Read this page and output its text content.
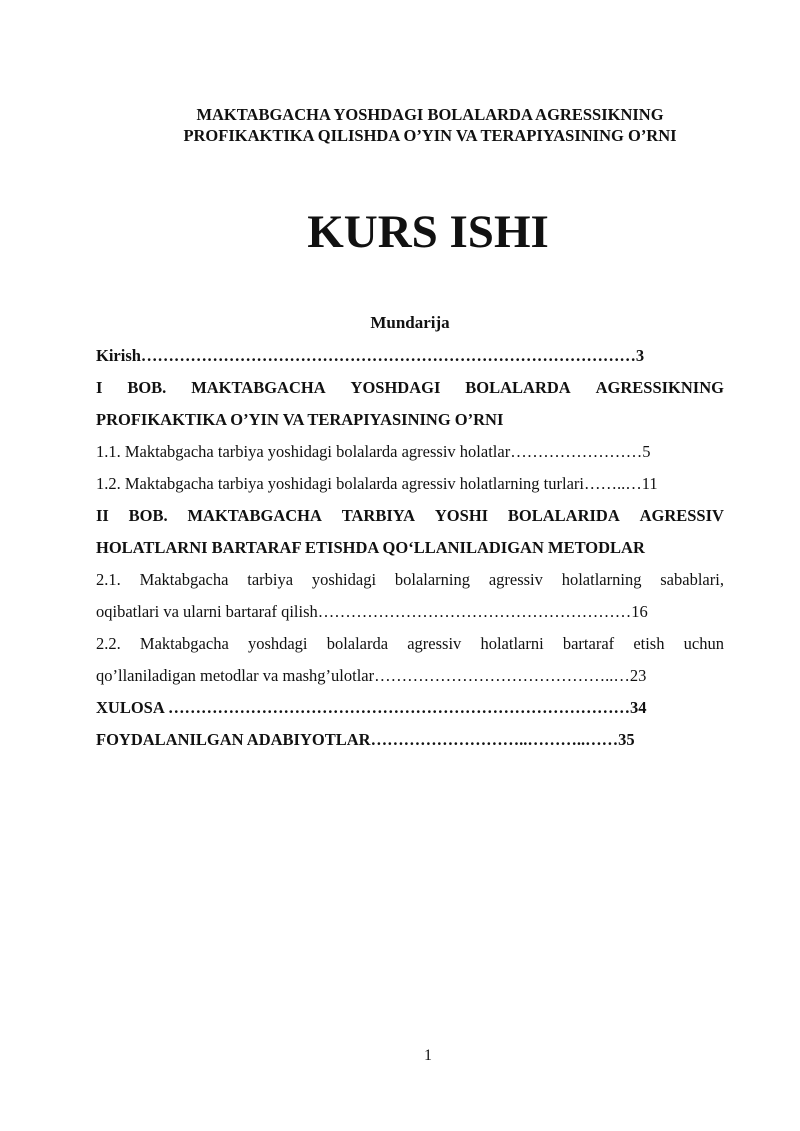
MAKTABGACHA YOSHDAGI BOLALARDA AGRESSIKNING
PROFIKAKTIKA QILISHDA O’YIN VA TERAPIYASINING O’RNI
KURS ISHI
Mundarija
Kirish………………………………………………………………………………3
I BOB. MAKTABGACHA YOSHDAGI BOLALARDA AGRESSIKNING
PROFIKAKTIKA O’YIN VA TERAPIYASINING O’RNI
1.1. Maktabgacha tarbiya yoshidagi bolalarda agressiv holatlar……………………5
1.2. Maktabgacha tarbiya yoshidagi bolalarda agressiv holatlarning turlari……..…11
II BOB. MAKTABGACHA TARBIYA YOSHI BOLALARIDA AGRESSIV
HOLATLARNI BARTARAF ETISHDA QO‘LLANILADIGAN METODLAR
2.1. Maktabgacha tarbiya yoshidagi bolalarning agressiv holatlarning sabablari,
oqibatlari va ularni bartaraf qilish…………………………………………………16
2.2. Maktabgacha yoshdagi bolalarda agressiv holatlarni bartaraf etish uchun
qo’llaniladigan metodlar va mashg’ulotlar……………………………………..…23
XULOSA …………………………………………………………………………34
FOYDALANILGAN ADABIYOTLAR………………………..………..……35
1
